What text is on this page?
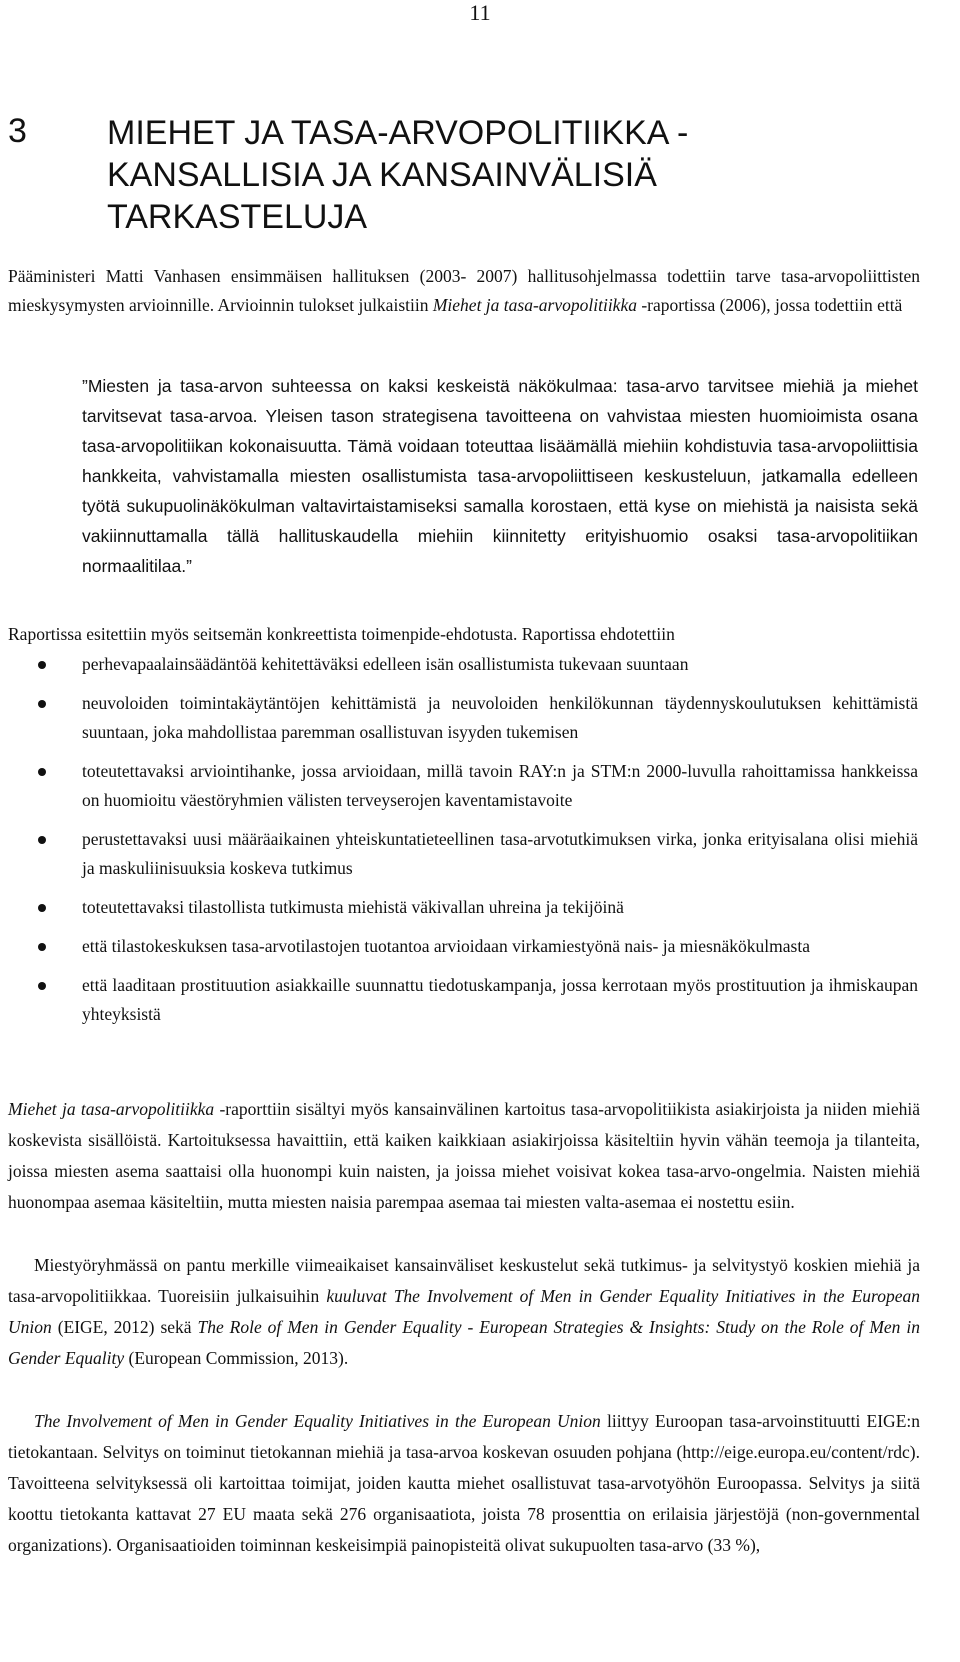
11
3 MIEHET JA TASA-ARVOPOLITIIKKA -
KANSALLISIA JA KANSAINVÄLISIÄ
TARKASTELUJA

Pääministeri Matti Vanhasen ensimmäisen hallituksen (2003- 2007) hallitusohjelmassa todettiin tarve tasa-arvopoliittisten mieskysymysten arvioinnille. Arvioinnin tulokset julkaistiin Miehet ja tasa-arvopolitiikka -raportissa (2006), jossa todettiin että

”Miesten ja tasa-arvon suhteessa on kaksi keskeistä näkökulmaa: tasa-arvo tarvitsee miehiä ja miehet tarvitsevat tasa-arvoa. Yleisen tason strategisena tavoitteena on vahvistaa miesten huomioimista osana tasa-arvopolitiikan kokonaisuutta. Tämä voidaan toteuttaa lisäämällä miehiin kohdistuvia tasa-arvopoliittisia hankkeita, vahvistamalla miesten osallistumista tasa-arvopoliittiseen keskusteluun, jatkamalla edelleen työtä sukupuolinäkökulman valtavirtaistamiseksi samalla korostaen, että kyse on miehistä ja naisista sekä vakiinnuttamalla tällä hallituskaudella miehiin kiinnitetty erityishuomio osaksi tasa-arvopolitiikan normaalitilaa.”

Raportissa esitettiin myös seitsemän konkreettista toimenpide-ehdotusta. Raportissa ehdotettiin

perhevapaalainsäädäntöä kehitettäväksi edelleen isän osallistumista tukevaan suuntaan
neuvoloiden toimintakäytäntöjen kehittämistä ja neuvoloiden henkilökunnan täydennyskoulutuksen kehittämistä suuntaan, joka mahdollistaa paremman osallistuvan isyyden tukemisen
toteutettavaksi arviointihanke, jossa arvioidaan, millä tavoin RAY:n ja STM:n 2000-luvulla rahoittamissa hankkeissa on huomioitu väestöryhmien välisten terveyserojen kaventamistavoite
perustettavaksi uusi määräaikainen yhteiskuntatieteellinen tasa-arvotutkimuksen virka, jonka erityisalana olisi miehiä ja maskuliinisuuksia koskeva tutkimus
toteutettavaksi tilastollista tutkimusta miehistä väkivallan uhreina ja tekijöinä
että tilastokeskuksen tasa-arvotilastojen tuotantoa arvioidaan virkamiestyönä nais- ja miesnäkökulmasta
että laaditaan prostituution asiakkaille suunnattu tiedotuskampanja, jossa kerrotaan myös prostituution ja ihmiskaupan yhteyksistä

Miehet ja tasa-arvopolitiikka -raporttiin sisältyi myös kansainvälinen kartoitus tasa-arvopolitiikista asiakirjoista ja niiden miehiä koskevista sisällöistä. Kartoituksessa havaittiin, että kaiken kaikkiaan asiakirjoissa käsiteltiin hyvin vähän teemoja ja tilanteita, joissa miesten asema saattaisi olla huonompi kuin naisten, ja joissa miehet voisivat kokea tasa-arvo-ongelmia. Naisten miehiä huonompaa asemaa käsiteltiin, mutta miesten naisia parempaa asemaa tai miesten valta-asemaa ei nostettu esiin.

Miestyöryhmässä on pantu merkille viimeaikaiset kansainväliset keskustelut sekä tutkimus- ja selvitystyö koskien miehiä ja tasa-arvopolitiikkaa. Tuoreisiin julkaisuihin kuuluvat The Involvement of Men in Gender Equality Initiatives in the European Union (EIGE, 2012) sekä The Role of Men in Gender Equality - European Strategies & Insights: Study on the Role of Men in Gender Equality (European Commission, 2013).

The Involvement of Men in Gender Equality Initiatives in the European Union liittyy Euroopan tasa-arvoinstituutti EIGE:n tietokantaan. Selvitys on toiminut tietokannan miehiä ja tasa-arvoa koskevan osuuden pohjana (http://eige.europa.eu/content/rdc). Tavoitteena selvityksessä oli kartoittaa toimijat, joiden kautta miehet osallistuvat tasa-arvotyöhön Euroopassa. Selvitys ja siitä koottu tietokanta kattavat 27 EU maata sekä 276 organisaatiota, joista 78 prosenttia on erilaisia järjestöjä (non-governmental organizations). Organisaatioiden toiminnan keskeisimpiä painopisteitä olivat sukupuolten tasa-arvo (33 %),
